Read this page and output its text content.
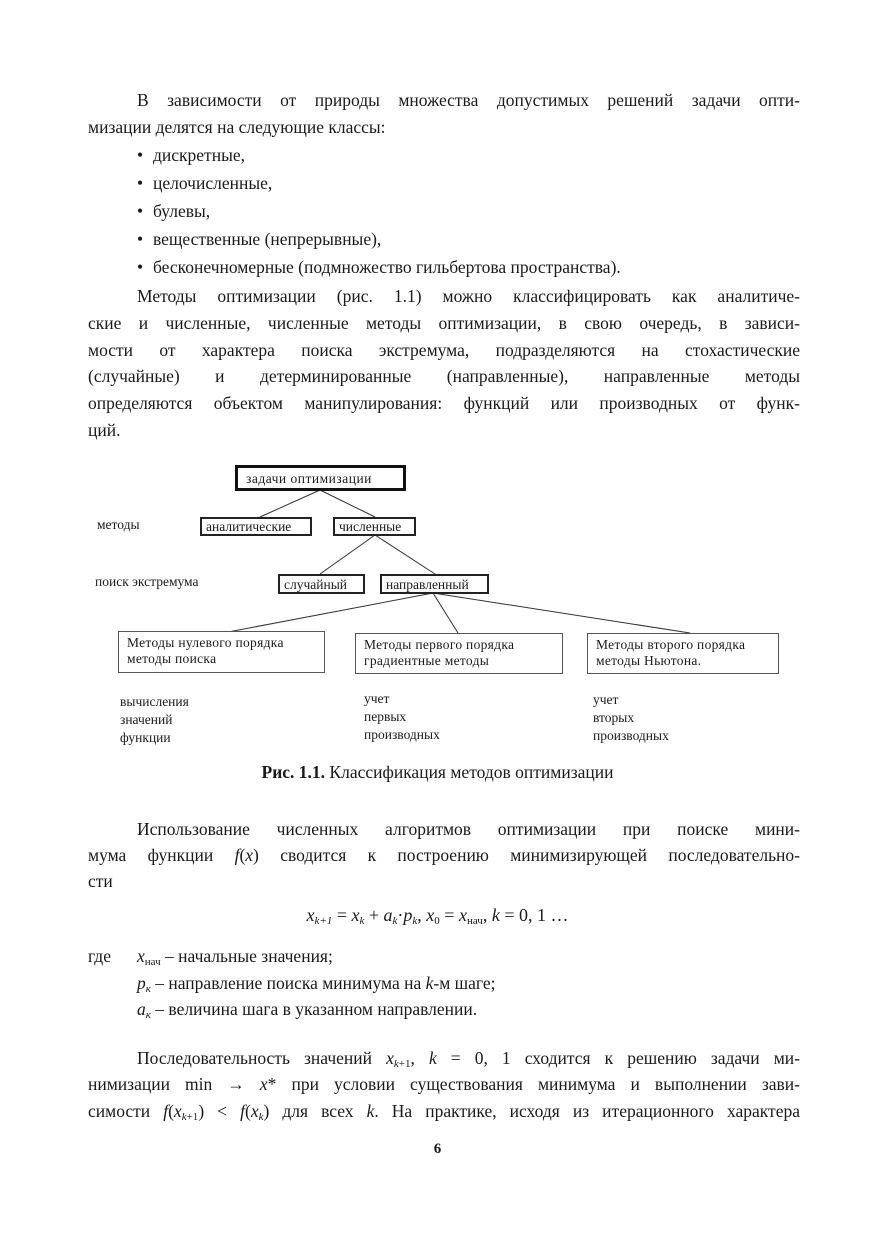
В зависимости от природы множества допустимых решений задачи опти-
мизации делятся на следующие классы:
• дискретные,
• целочисленные,
• булевы,
• вещественные (непрерывные),
• бесконечномерные (подмножество гильбертова пространства).
Методы оптимизации (рис. 1.1) можно классифицировать как аналитиче-
ские и численные, численные методы оптимизации, в свою очередь, в зависи-
мости от характера поиска экстремума, подразделяются на стохастические
(случайные) и детерминированные (направленные), направленные методы
определяются объектом манипулирования: функций или производных от функ-
ций.
задачи оптимизации
методы	аналитические	численные
поиск экстремума	случайный	направленный
Методы нулевого порядка
методы поиска
Методы первого порядка
градиентные методы
Методы второго порядка
методы Ньютона.
вычисления
значений
функции
учет
первых
производных
учет
вторых
производных
Рис. 1.1. Классификация методов оптимизации
Использование численных алгоритмов оптимизации при поиске мини-
мума функции f(x) сводится к построению минимизирующей последовательно-
сти
$x_{k+1} = x_k + a_k\cdot p_k$, $x_0 = x_{нач}$, k = 0, 1 …
где	$x_{нач}$ – начальные значения;
$p_к$ – направление поиска минимума на k-м шаге;
$a_к$ – величина шага в указанном направлении.
Последовательность значений $x_{k+1}$, k = 0, 1 сходится к решению задачи ми-
нимизации min → x* при условии существования минимума и выполнении зави-
симости $f(x_{k+1}) < f(x_k)$ для всех k. На практике, исходя из итерационного характера
6
